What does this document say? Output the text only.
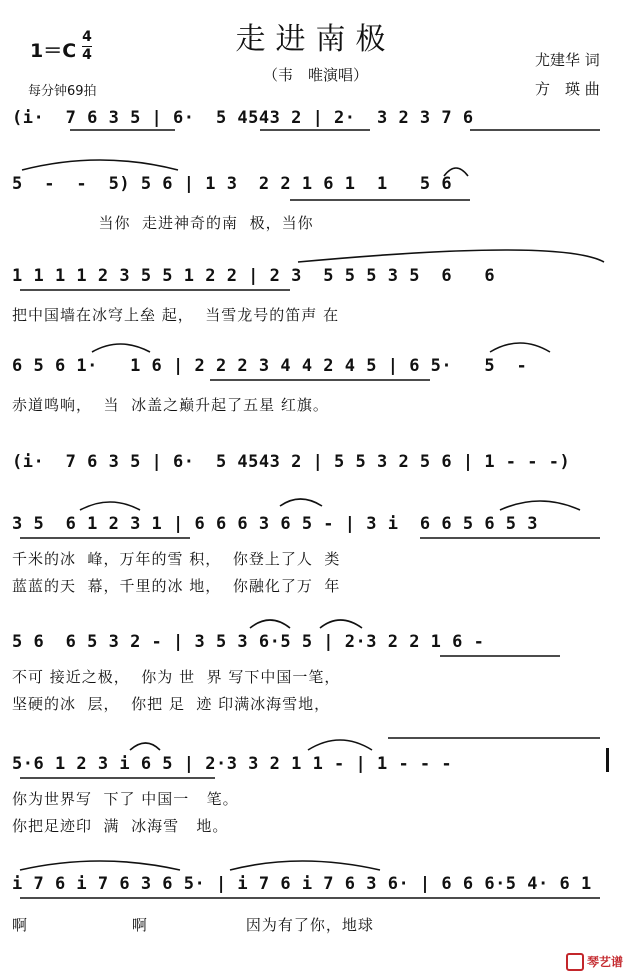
走进南极
（韦　唯演唱）
1＝C
4
4
每分钟69拍
尤建华 词
方　瑛 曲
(i·  7 6 3 5 | 6·  5 4543 2 | 2·  3 2 3 7 6
5  -  -  5) 5 6 | 1 3  2 2 1 6 1  1   5 6
当你  走进神奇的南  极，当你
1 1 1 1 2 3 5 5 1 2 2 | 2 3  5 5 5 3 5  6   6
把中国墙在冰穹上垒 起，  当雪龙号的笛声 在
6 5 6 1·   1 6 | 2 2 2 3 4 4 2 4 5 | 6 5·   5  -
赤道鸣响，  当  冰盖之巅升起了五星 红旗。
(i·  7 6 3 5 | 6·  5 4543 2 | 5 5 3 2 5 6 | 1 - - -)
3 5  6 1 2 3 1 | 6 6 6 3 6 5 - | 3 i  6 6 5 6 5 3
千米的冰  峰，万年的雪 积，  你登上了人  类
蓝蓝的天  幕，千里的冰 地，  你融化了万  年
5 6  6 5 3 2 - | 3 5 3 6·5 5 | 2·3 2 2 1 6 -
不可 接近之极，  你为 世  界 写下中国一笔，
坚硬的冰  层，  你把 足  迹 印满冰海雪地，
5·6 1 2 3 i 6 5 | 2·3 3 2 1 1 - | 1 - - -
你为世界写  下了 中国一   笔。
你把足迹印  满  冰海雪   地。
i 7 6 i 7 6 3 6 5· | i 7 6 i 7 6 3 6· | 6 6 6·5 4· 6 1
啊                  啊                 因为有了你，地球
琴艺谱
